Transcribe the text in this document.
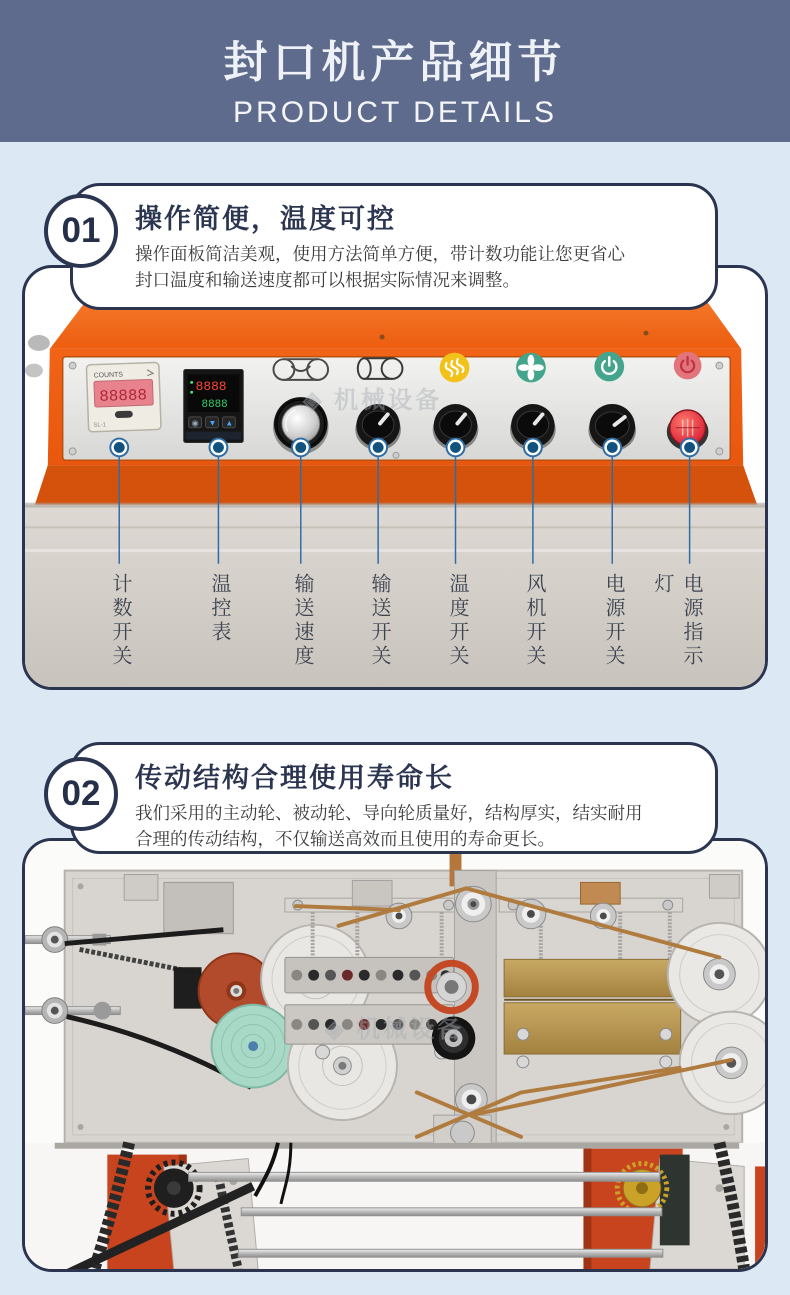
封口机产品细节
PRODUCT DETAILS
操作简便，温度可控
操作面板简洁美观，使用方法简单方便，带计数功能让您更省心
封口温度和输送速度都可以根据实际情况来调整。
01
COUNTS
88888
SL-1
8888
8888
◉ ▼ ▲
◈ 机械设备
计数开关	温控表	输送速度	输送开关	温度开关	风机开关	电源开关	电源指示灯
传动结构合理使用寿命长
我们采用的主动轮、被动轮、导向轮质量好，结构厚实，结实耐用
合理的传动结构，不仅输送高效而且使用的寿命更长。
02
◈ 机械设备
